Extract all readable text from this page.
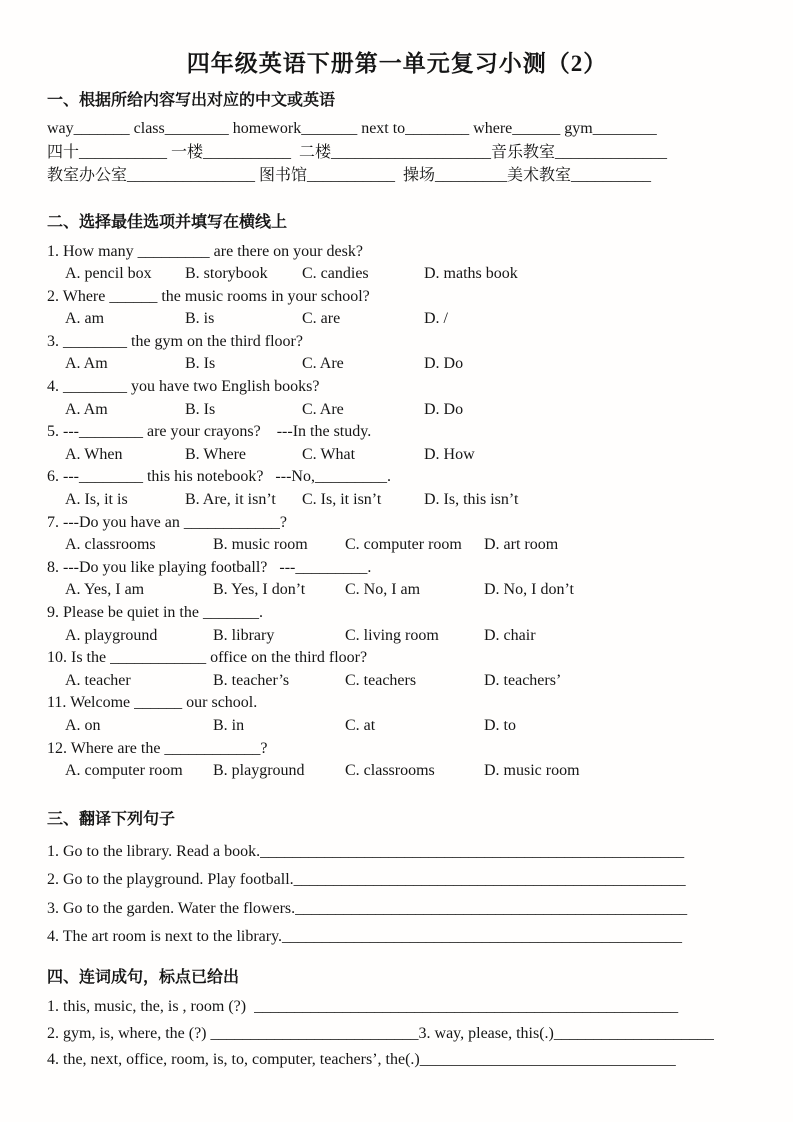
四年级英语下册第一单元复习小测（2）
一、根据所给内容写出对应的中文或英语
way_______ class________ homework_______ next to________ where______ gym________
四十___________ 一楼___________  二楼____________________音乐教室______________
教室办公室________________ 图书馆___________  操场_________美术教室__________
二、选择最佳选项并填写在横线上
1. How many _________ are there on your desk?
A. pencil box	B. storybook	C. candies	D. maths book
2. Where ______ the music rooms in your school?
A. am	B. is	C. are	D. /
3. ________ the gym on the third floor?
A. Am	B. Is	C. Are	D. Do
4. ________ you have two English books?
A. Am	B. Is	C. Are	D. Do
5. ---________ are your crayons?    ---In the study.
A. When	B. Where	C. What	D. How
6. ---________ this his notebook?   ---No,_________.
A. Is, it is	B. Are, it isn’t	C. Is, it isn’t	D. Is, this isn’t
7. ---Do you have an ____________?
A. classrooms	B. music room	C. computer room	D. art room
8. ---Do you like playing football?   ---_________.
A. Yes, I am	B. Yes, I don’t	C. No, I am	D. No, I don’t
9. Please be quiet in the _______.
A. playground	B. library	C. living room	D. chair
10. Is the ____________ office on the third floor?
A. teacher	B. teacher’s	C. teachers	D. teachers’
11. Welcome ______ our school.
A. on	B. in	C. at	D. to
12. Where are the ____________?
A. computer room	B. playground	C. classrooms	D. music room
三、翻译下列句子
1. Go to the library. Read a book._____________________________________________________
2. Go to the playground. Play football._________________________________________________
3. Go to the garden. Water the flowers._________________________________________________
4. The art room is next to the library.__________________________________________________
四、连词成句，标点已给出
1. this, music, the, is , room (?)  _____________________________________________________
2. gym, is, where, the (?) __________________________3. way, please, this(.)____________________
4. the, next, office, room, is, to, computer, teachers’, the(.)________________________________
